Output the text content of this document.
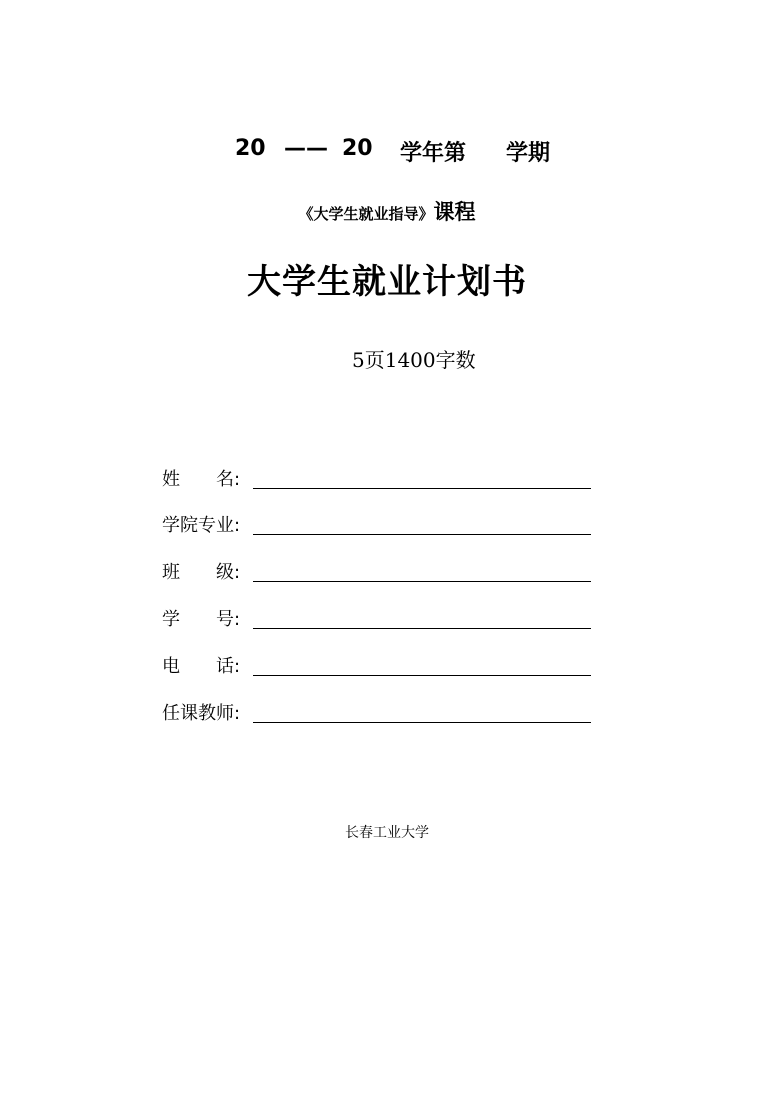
20 —— 20 学年第 学期
《大学生就业指导》课程
大学生就业计划书
5页1400字数
姓 名:
学院专业:
班 级:
学 号:
电 话:
任课教师:
长春工业大学
